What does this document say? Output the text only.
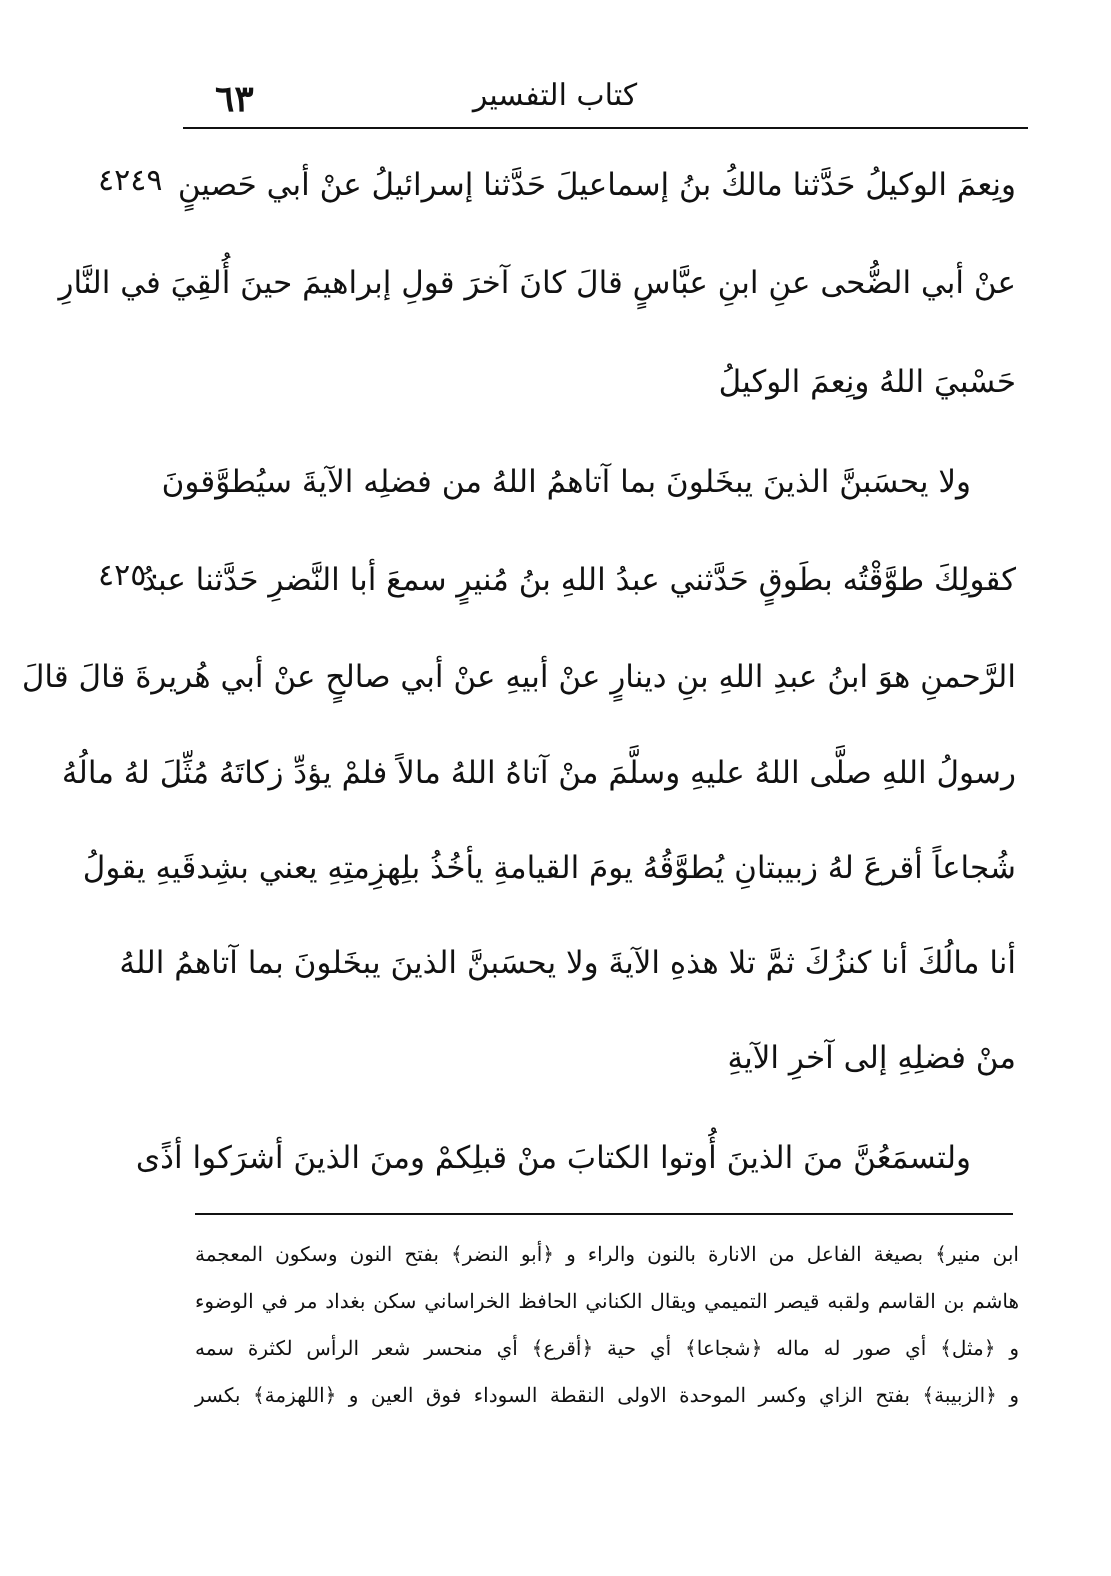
كتاب التفسير
٦٣
٤٢٤٩
٤٢٥٠
ونِعمَ الوكيلُ حَدَّثنا مالكُ بنُ إسماعيلَ حَدَّثنا إسرائيلُ عنْ أبي حَصينٍ
عنْ أبي الضُّحى عنِ ابنِ عبَّاسٍ قالَ كانَ آخرَ قولِ إبراهيمَ حينَ أُلقِيَ في النَّارِ
حَسْبيَ اللهُ ونِعمَ الوكيلُ
ولا يحسَبنَّ الذينَ يبخَلونَ بما آتاهمُ اللهُ من فضلِه الآيةَ سيُطوَّقونَ
كقولِكَ طوَّقْتُه بطَوقٍ حَدَّثني عبدُ اللهِ بنُ مُنيرٍ سمعَ أبا النَّضرِ حَدَّثنا عبدُ
الرَّحمنِ هوَ ابنُ عبدِ اللهِ بنِ دينارٍ عنْ أبيهِ عنْ أبي صالحٍ عنْ أبي هُريرةَ قالَ قالَ
رسولُ اللهِ صلَّى اللهُ عليهِ وسلَّمَ منْ آتاهُ اللهُ مالاً فلمْ يؤدِّ زكاتَهُ مُثِّلَ لهُ مالُهُ
شُجاعاً أقرعَ لهُ زبيبتانِ يُطوَّقُهُ يومَ القيامةِ يأخُذُ بلِهزِمتِهِ يعني بشِدقَيهِ يقولُ
أنا مالُكَ أنا كنزُكَ ثمَّ تلا هذهِ الآيةَ ولا يحسَبنَّ الذينَ يبخَلونَ بما آتاهمُ اللهُ
منْ فضلِهِ إلى آخرِ الآيةِ
ولتسمَعُنَّ منَ الذينَ أُوتوا الكتابَ منْ قبلِكمْ ومنَ الذينَ أشرَكوا أذًى
ابن منير﴾ بصيغة الفاعل من الانارة بالنون والراء و ﴿أبو النضر﴾ بفتح النون وسكون المعجمة
هاشم بن القاسم ولقبه قيصر التميمي ويقال الكناني الحافظ الخراساني سكن بغداد مر في الوضوء
و ﴿مثل﴾ أي صور له ماله ﴿شجاعا﴾ أي حية ﴿أقرع﴾ أي منحسر شعر الرأس لكثرة سمه
و ﴿الزبيبة﴾ بفتح الزاي وكسر الموحدة الاولى النقطة السوداء فوق العين و ﴿اللهزمة﴾ بكسر
